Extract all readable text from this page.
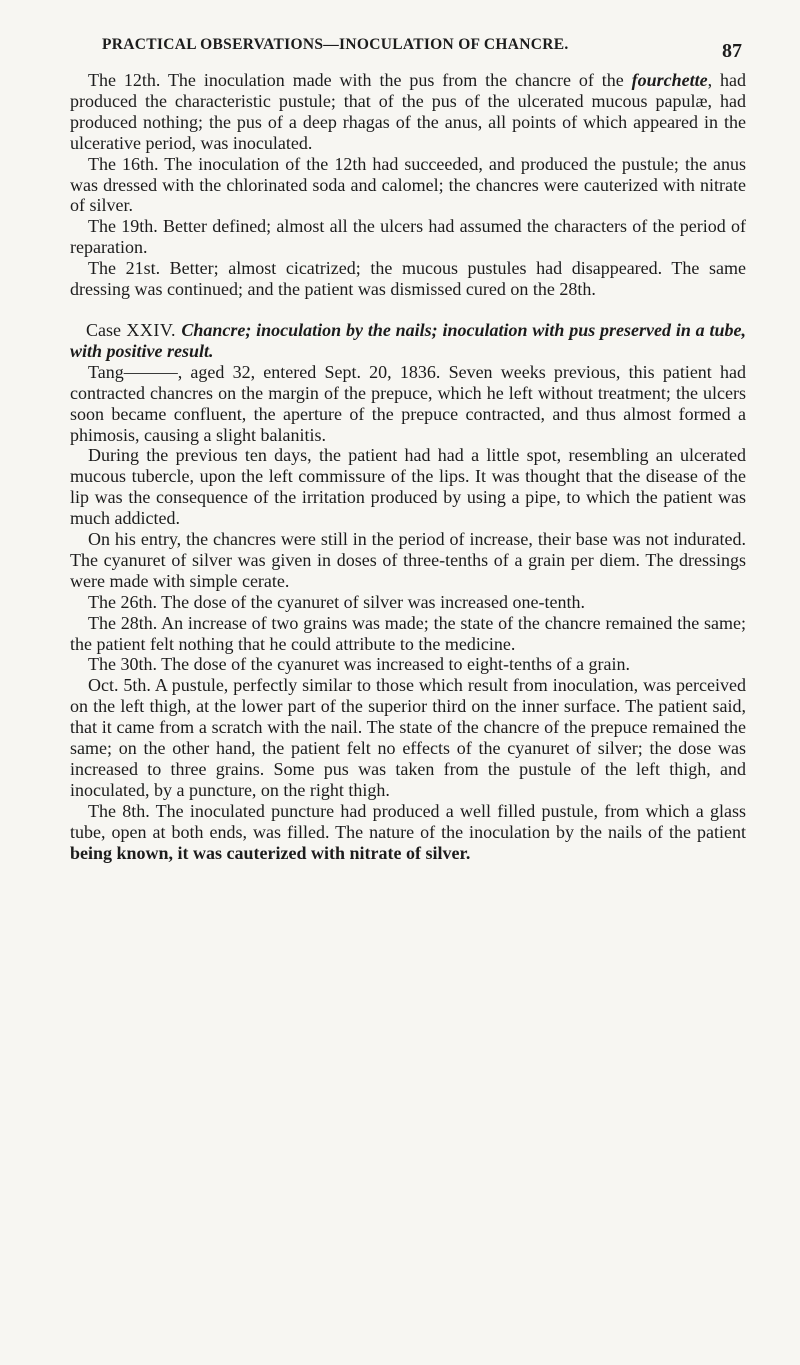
PRACTICAL OBSERVATIONS—INOCULATION OF CHANCRE.	87

The 12th. The inoculation made with the pus from the chancre of the fourchette, had produced the characteristic pustule; that of the pus of the ulcerated mucous papulæ, had produced nothing; the pus of a deep rhagas of the anus, all points of which appeared in the ulcerative period, was inoculated.

The 16th. The inoculation of the 12th had succeeded, and produced the pustule; the anus was dressed with the chlorinated soda and calomel; the chancres were cauterized with nitrate of silver.

The 19th. Better defined; almost all the ulcers had assumed the characters of the period of reparation.

The 21st. Better; almost cicatrized; the mucous pustules had disappeared. The same dressing was continued; and the patient was dismissed cured on the 28th.

Case XXIV. Chancre; inoculation by the nails; inoculation with pus preserved in a tube, with positive result.

Tang———, aged 32, entered Sept. 20, 1836. Seven weeks previous, this patient had contracted chancres on the margin of the prepuce, which he left without treatment; the ulcers soon became confluent, the aperture of the prepuce contracted, and thus almost formed a phimosis, causing a slight balanitis.

During the previous ten days, the patient had had a little spot, resembling an ulcerated mucous tubercle, upon the left commissure of the lips. It was thought that the disease of the lip was the consequence of the irritation produced by using a pipe, to which the patient was much addicted.

On his entry, the chancres were still in the period of increase, their base was not indurated. The cyanuret of silver was given in doses of three-tenths of a grain per diem. The dressings were made with simple cerate.

The 26th. The dose of the cyanuret of silver was increased one-tenth.

The 28th. An increase of two grains was made; the state of the chancre remained the same; the patient felt nothing that he could attribute to the medicine.

The 30th. The dose of the cyanuret was increased to eight-tenths of a grain.

Oct. 5th. A pustule, perfectly similar to those which result from inoculation, was perceived on the left thigh, at the lower part of the superior third on the inner surface. The patient said, that it came from a scratch with the nail. The state of the chancre of the prepuce remained the same; on the other hand, the patient felt no effects of the cyanuret of silver; the dose was increased to three grains. Some pus was taken from the pustule of the left thigh, and inoculated, by a puncture, on the right thigh.

The 8th. The inoculated puncture had produced a well filled pustule, from which a glass tube, open at both ends, was filled. The nature of the inoculation by the nails of the patient being known, it was cauterized with nitrate of silver.
